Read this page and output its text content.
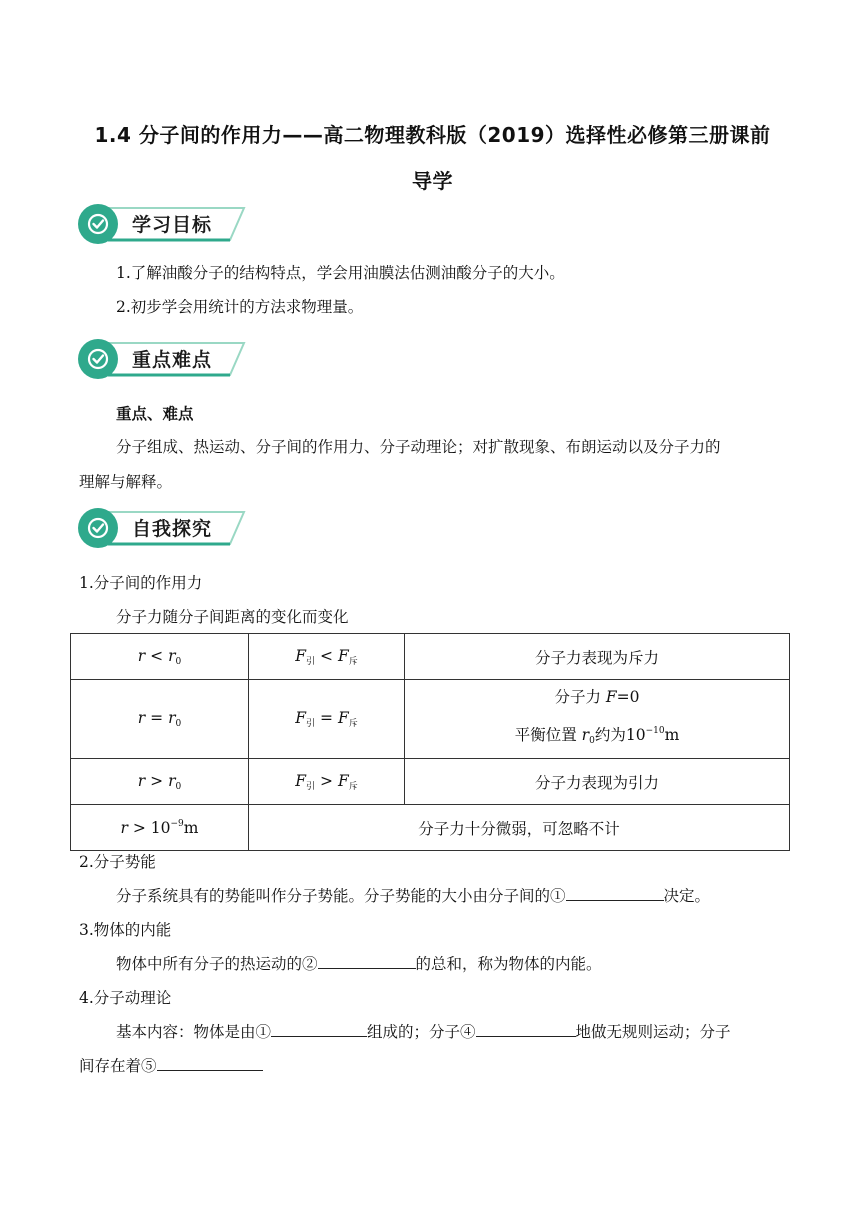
1.4 分子间的作用力——高二物理教科版（2019）选择性必修第三册课前
导学
学习目标
1.了解油酸分子的结构特点，学会用油膜法估测油酸分子的大小。
2.初步学会用统计的方法求物理量。
重点难点
重点、难点
分子组成、热运动、分子间的作用力、分子动理论；对扩散现象、布朗运动以及分子力的
理解与解释。
自我探究
1.分子间的作用力
分子力随分子间距离的变化而变化
$r < r_0$	$F_引 < F_斥$	分子力表现为斥力
$r = r_0$	$F_引 = F_斥$	分子力 F=0
平衡位置 $r_0$约为$10^{-10}m$

$r > r_0$	$F_引 > F_斥$	分子力表现为引力
$r > 10^{-9}m$	分子力十分微弱，可忽略不计	
2.分子势能
分子系统具有的势能叫作分子势能。分子势能的大小由分子间的①	决定。
3.物体的内能
物体中所有分子的热运动的②	的总和，称为物体的内能。
4.分子动理论
基本内容：物体是由①	组成的；分子④	地做无规则运动；分子
间存在着⑤
